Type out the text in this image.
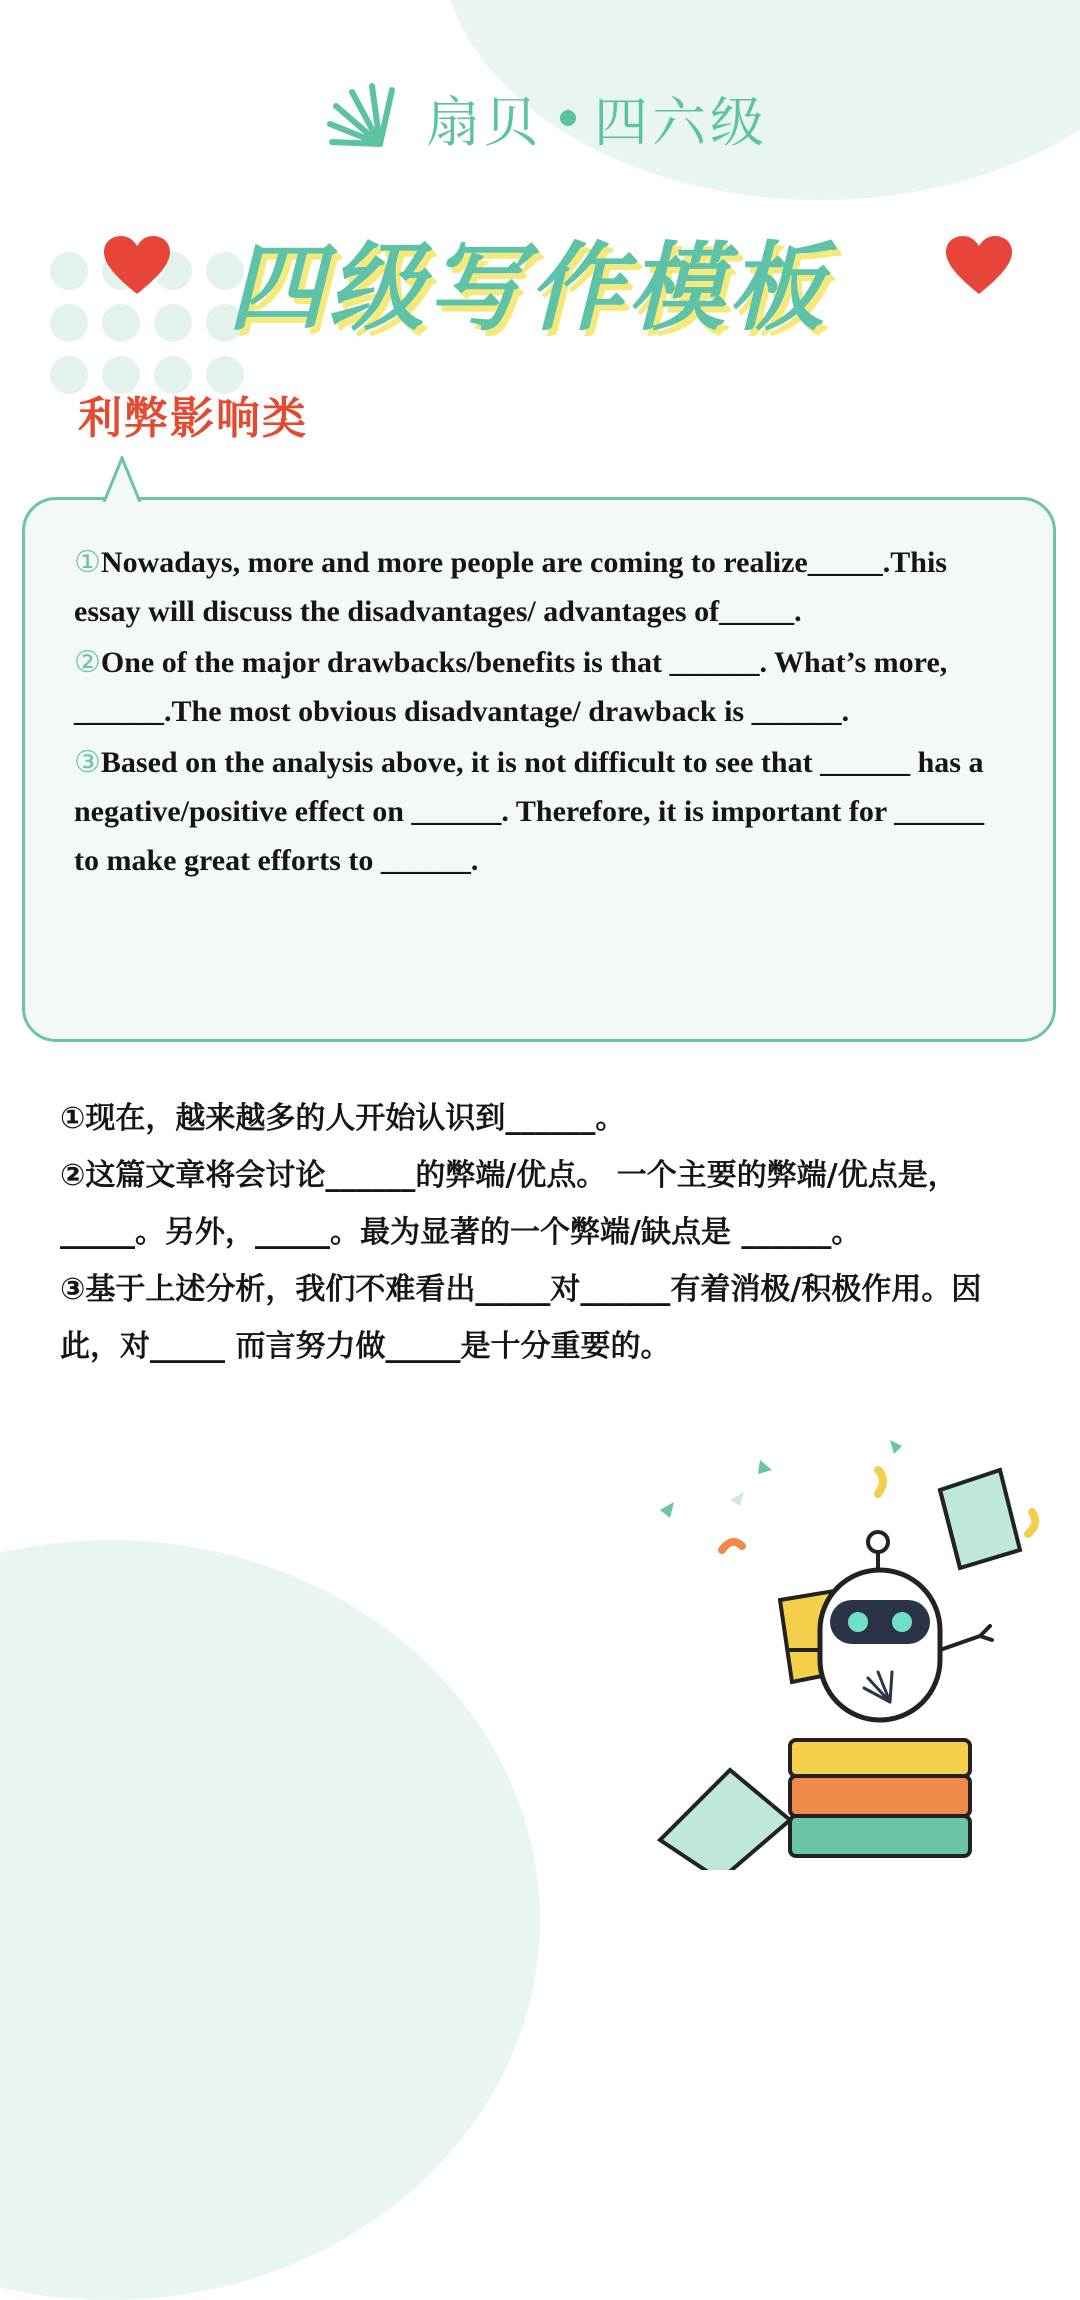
扇贝 四六级
四级写作模板
利弊影响类

①Nowadays, more and more people are coming to realize_____.This essay will discuss the disadvantages/ advantages of_____.

②One of the major drawbacks/benefits is that ______. What’s more, ______.The most obvious disadvantage/ drawback is ______.

③Based on the analysis above, it is not difficult to see that ______ has a negative/positive effect on ______. Therefore, it is important for ______ to make great efforts to ______.

①现在，越来越多的人开始认识到______。

②这篇文章将会讨论______的弊端/优点。 一个主要的弊端/优点是，_____。另外，_____。最为显著的一个弊端/缺点是 ______。

③基于上述分析，我们不难看出_____对______有着消极/积极作用。因此，对_____ 而言努力做_____是十分重要的。
